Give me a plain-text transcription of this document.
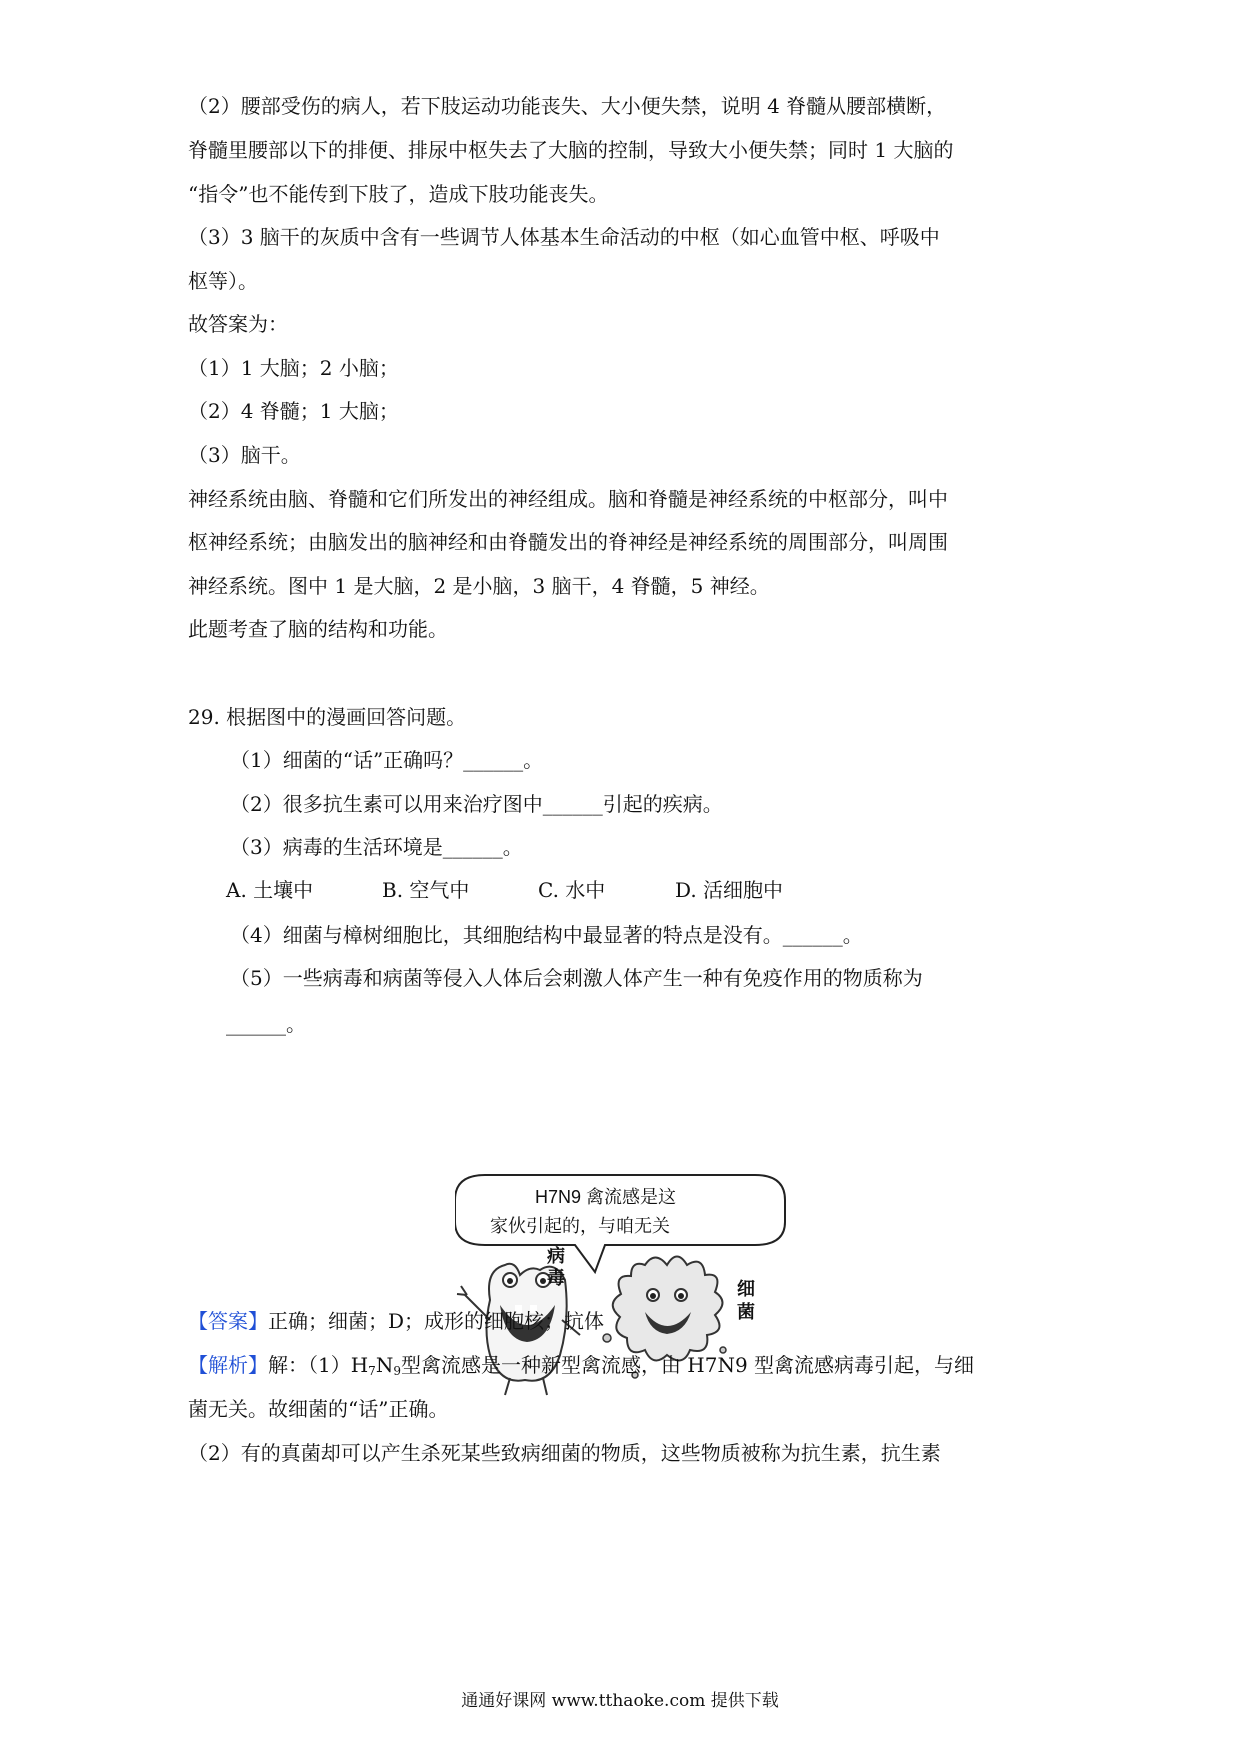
（2）腰部受伤的病人，若下肢运动功能丧失、大小便失禁，说明 4 脊髓从腰部横断，
脊髓里腰部以下的排便、排尿中枢失去了大脑的控制，导致大小便失禁；同时 1 大脑的
“指令”也不能传到下肢了，造成下肢功能丧失。
（3）3 脑干的灰质中含有一些调节人体基本生命活动的中枢（如心血管中枢、呼吸中
枢等）。
故答案为：
（1）1 大脑；2 小脑；
（2）4 脊髓；1 大脑；
（3）脑干。
神经系统由脑、脊髓和它们所发出的神经组成。脑和脊髓是神经系统的中枢部分，叫中
枢神经系统；由脑发出的脑神经和由脊髓发出的脊神经是神经系统的周围部分，叫周围
神经系统。图中 1 是大脑，2 是小脑，3 脑干，4 脊髓，5 神经。
此题考查了脑的结构和功能。
29. 根据图中的漫画回答问题。
（1）细菌的“话”正确吗？______。
（2）很多抗生素可以用来治疗图中______引起的疾病。
（3）病毒的生活环境是______。
A. 土壤中	B. 空气中	C. 水中	D. 活细胞中
（4）细菌与樟树细胞比，其细胞结构中最显著的特点是没有。______。
（5）一些病毒和病菌等侵入人体后会刺激人体产生一种有免疫作用的物质称为
______。
H7N9 禽流感是这
家伙引起的，与咱无关
病
毒
细
菌
【答案】正确；细菌；D；成形的细胞核；抗体
【解析】解：$(1)H_7N_9$型禽流感是一种新型禽流感，由 H7N9 型禽流感病毒引起，与细
菌无关。故细菌的“话”正确。
（2）有的真菌却可以产生杀死某些致病细菌的物质，这些物质被称为抗生素，抗生素
通通好课网 www.tthaoke.com 提供下载
